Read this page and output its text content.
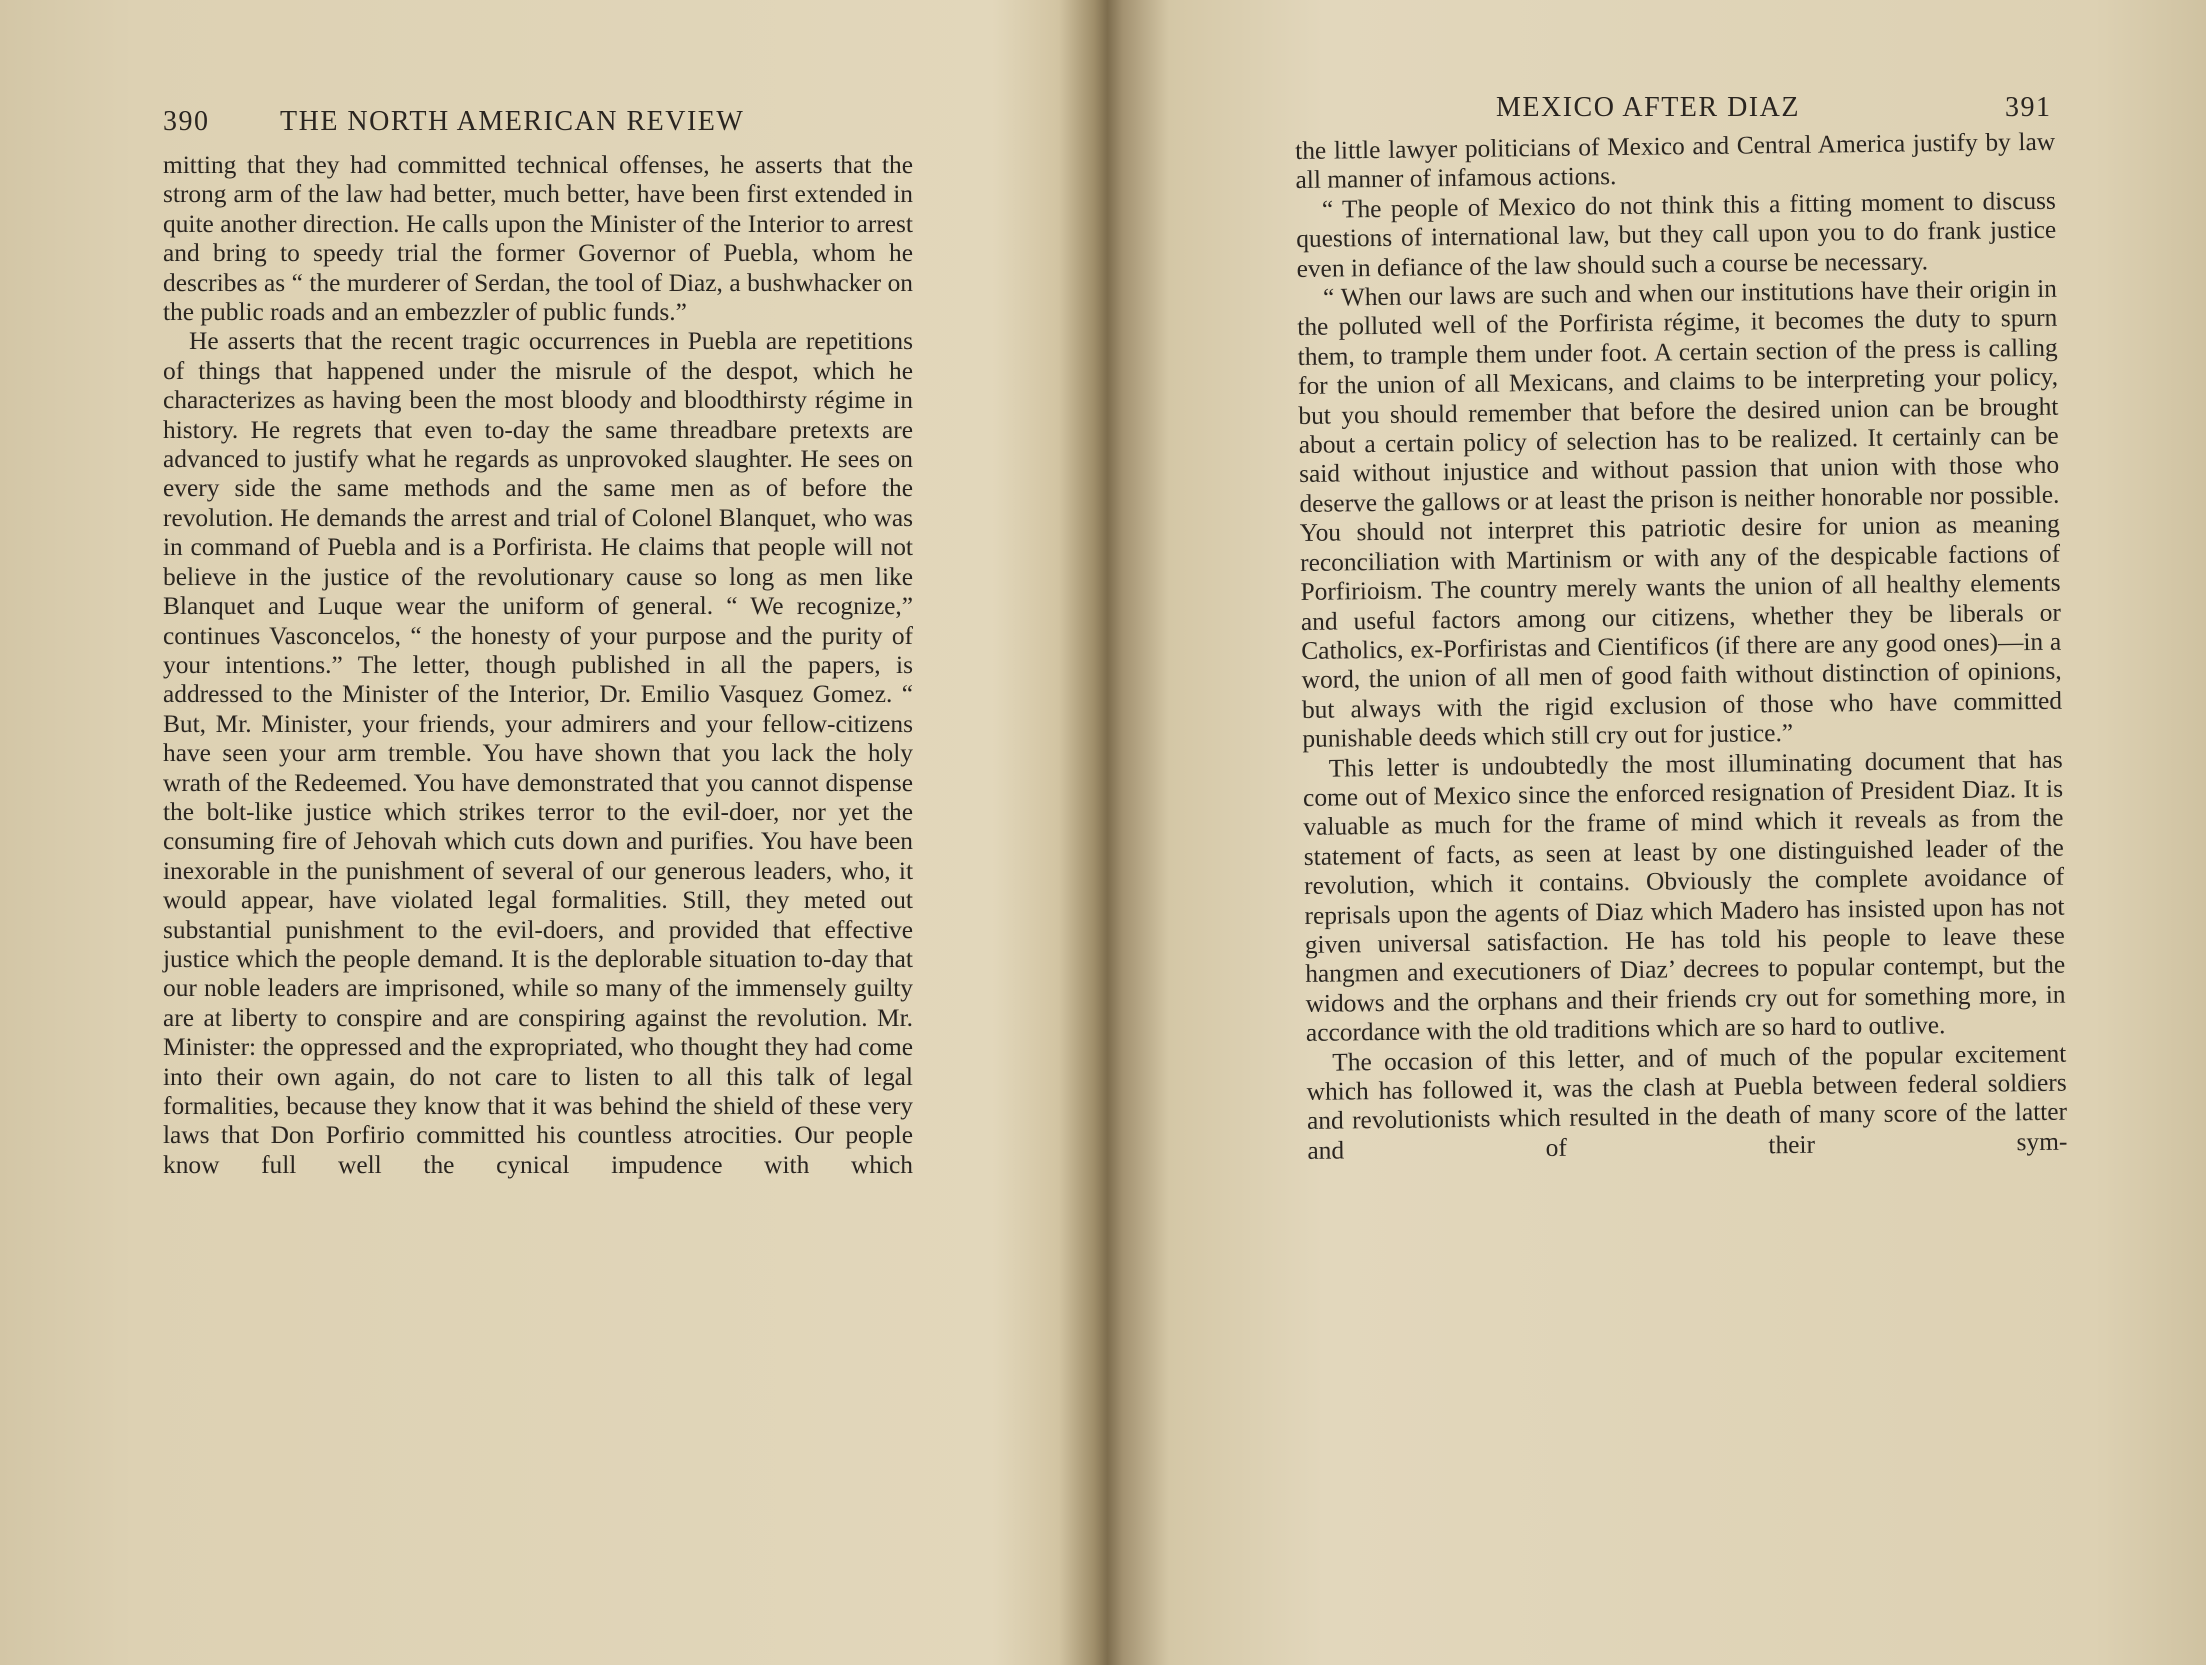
390	THE NORTH AMERICAN REVIEW

mitting that they had committed technical offenses, he asserts that the strong arm of the law had better, much better, have been first extended in quite another direction. He calls upon the Minister of the Interior to arrest and bring to speedy trial the former Governor of Puebla, whom he describes as “ the murderer of Serdan, the tool of Diaz, a bushwhacker on the public roads and an embezzler of public funds.”

He asserts that the recent tragic occurrences in Puebla are repetitions of things that happened under the misrule of the despot, which he characterizes as having been the most bloody and bloodthirsty régime in history. He regrets that even to-day the same threadbare pretexts are advanced to justify what he regards as unprovoked slaughter. He sees on every side the same methods and the same men as of before the revolution. He demands the arrest and trial of Colonel Blanquet, who was in command of Puebla and is a Porfirista. He claims that people will not believe in the justice of the revolutionary cause so long as men like Blanquet and Luque wear the uniform of general. “ We recognize,” continues Vasconcelos, “ the honesty of your purpose and the purity of your intentions.” The letter, though published in all the papers, is addressed to the Minister of the Interior, Dr. Emilio Vasquez Gomez. “ But, Mr. Minister, your friends, your admirers and your fellow-citizens have seen your arm tremble. You have shown that you lack the holy wrath of the Redeemed. You have demonstrated that you cannot dispense the bolt-like justice which strikes terror to the evil-doer, nor yet the consuming fire of Jehovah which cuts down and purifies. You have been inexorable in the punishment of several of our generous leaders, who, it would appear, have violated legal formalities. Still, they meted out substantial punishment to the evil-doers, and provided that effective justice which the people demand. It is the deplorable situation to-day that our noble leaders are imprisoned, while so many of the immensely guilty are at liberty to conspire and are conspiring against the revolution. Mr. Minister: the oppressed and the expropriated, who thought they had come into their own again, do not care to listen to all this talk of legal formalities, because they know that it was behind the shield of these very laws that Don Porfirio committed his countless atrocities. Our people know full well the cynical impudence with which

MEXICO AFTER DIAZ	391

the little lawyer politicians of Mexico and Central America justify by law all manner of infamous actions.

“ The people of Mexico do not think this a fitting moment to discuss questions of international law, but they call upon you to do frank justice even in defiance of the law should such a course be necessary.

“ When our laws are such and when our institutions have their origin in the polluted well of the Porfirista régime, it becomes the duty to spurn them, to trample them under foot. A certain section of the press is calling for the union of all Mexicans, and claims to be interpreting your policy, but you should remember that before the desired union can be brought about a certain policy of selection has to be realized. It certainly can be said without injustice and without passion that union with those who deserve the gallows or at least the prison is neither honorable nor possible. You should not interpret this patriotic desire for union as meaning reconciliation with Martinism or with any of the despicable factions of Porfirioism. The country merely wants the union of all healthy elements and useful factors among our citizens, whether they be liberals or Catholics, ex-Porfiristas and Cientificos (if there are any good ones)—in a word, the union of all men of good faith without distinction of opinions, but always with the rigid exclusion of those who have committed punishable deeds which still cry out for justice.”

This letter is undoubtedly the most illuminating document that has come out of Mexico since the enforced resignation of President Diaz. It is valuable as much for the frame of mind which it reveals as from the statement of facts, as seen at least by one distinguished leader of the revolution, which it contains. Obviously the complete avoidance of reprisals upon the agents of Diaz which Madero has insisted upon has not given universal satisfaction. He has told his people to leave these hangmen and executioners of Diaz’ decrees to popular contempt, but the widows and the orphans and their friends cry out for something more, in accordance with the old traditions which are so hard to outlive.

The occasion of this letter, and of much of the popular excitement which has followed it, was the clash at Puebla between federal soldiers and revolutionists which resulted in the death of many score of the latter and of their sym-
